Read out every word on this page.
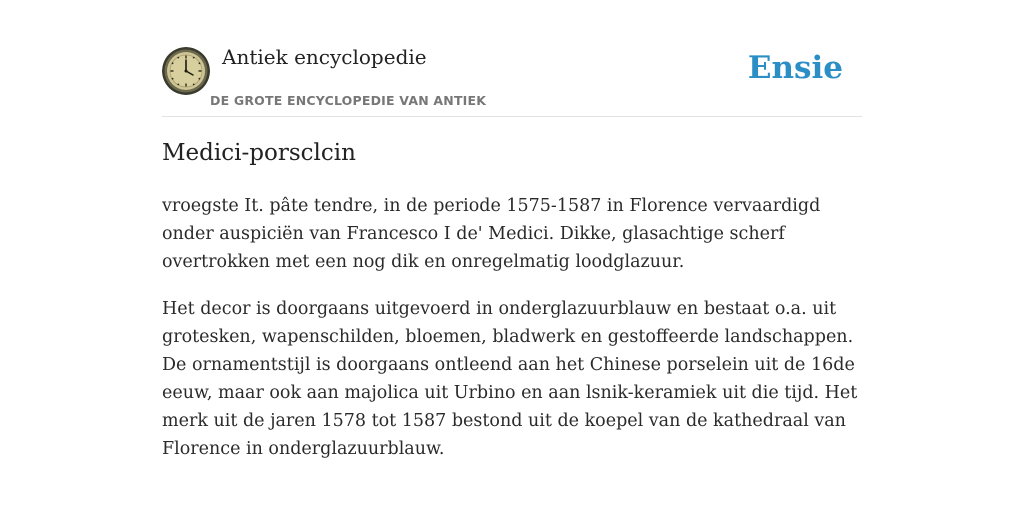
Antiek encyclopedie
DE GROTE ENCYCLOPEDIE VAN ANTIEK
Ensie
Medici-porsclcin

vroegste It. pâte tendre, in de periode 1575-1587 in Florence vervaardigd onder auspiciën van Francesco I de' Medici. Dikke, glasachtige scherf overtrokken met een nog dik en onregelmatig loodglazuur.

Het decor is doorgaans uitgevoerd in onderglazuurblauw en bestaat o.a. uit grotesken, wapenschilden, bloemen, bladwerk en gestoffeerde landschappen. De ornamentstijl is doorgaans ontleend aan het Chinese porselein uit de 16de eeuw, maar ook aan majolica uit Urbino en aan lsnik-keramiek uit die tijd. Het merk uit de jaren 1578 tot 1587 bestond uit de koepel van de kathedraal van Florence in onderglazuurblauw.
